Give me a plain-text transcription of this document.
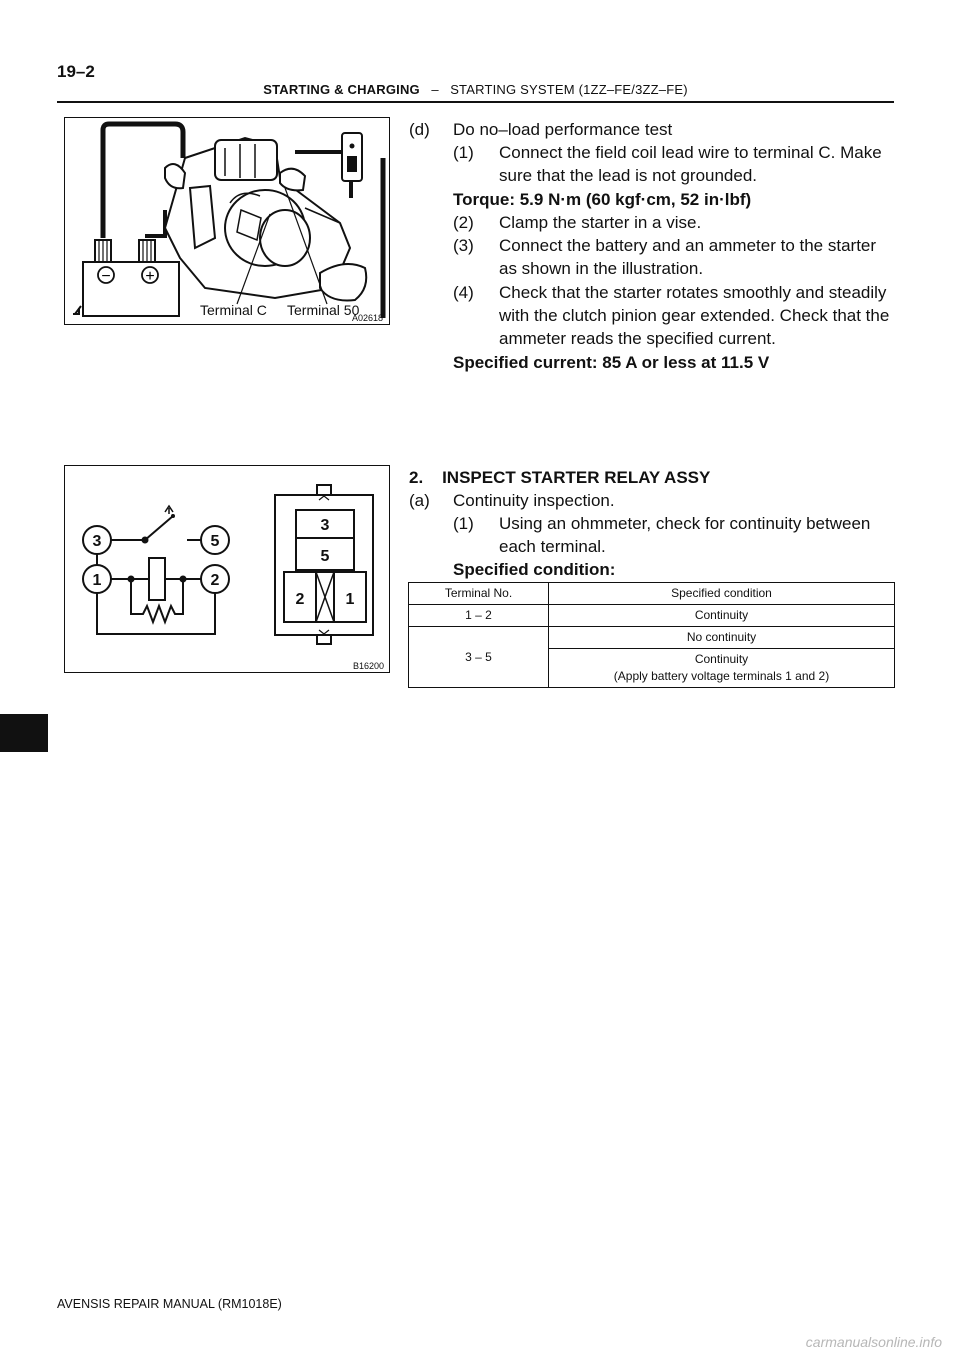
19–2
STARTING & CHARGING – STARTING SYSTEM (1ZZ–FE/3ZZ–FE)
− +
Terminal C Terminal 50
A02618
3
1
5
2
3
5
2	1
B16200
(d) Do no–load performance test
(1) Connect the field coil lead wire to terminal C. Make
sure that the lead is not grounded.
Torque: 5.9 N·m (60 kgf·cm, 52 in·lbf)
(2) Clamp the starter in a vise.
(3) Connect the battery and an ammeter to the starter
as shown in the illustration.
(4) Check that the starter rotates smoothly and steadily
with the clutch pinion gear extended. Check that the
ammeter reads the specified current.
Specified current: 85 A or less at 11.5 V
2.    INSPECT STARTER RELAY ASSY
(a) Continuity inspection.
(1) Using an ohmmeter, check for continuity between
each terminal.
Specified condition:
Terminal No.	Specified condition
1 – 2	Continuity
3 – 5	No continuity

	Continuity
(Apply battery voltage terminals 1 and 2)
AVENSIS REPAIR MANUAL (RM1018E)
carmanualsonline.info
